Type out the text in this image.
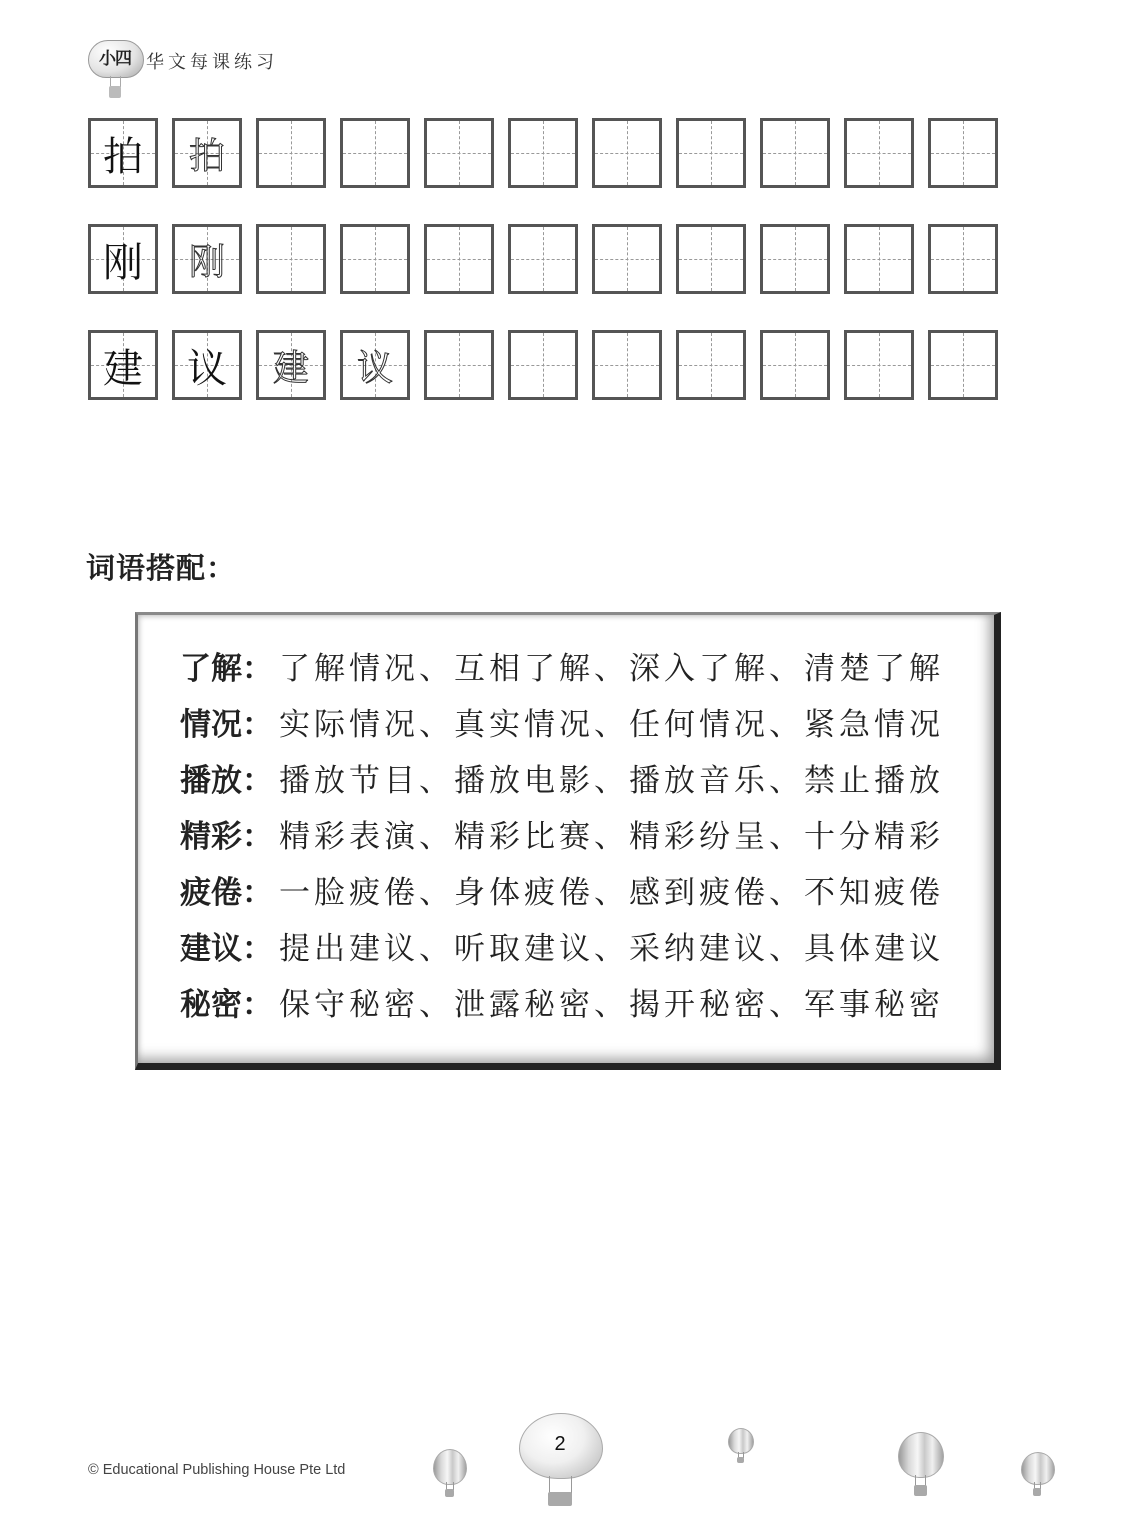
小四 华文每课练习
拍	拍
刚	刚
建	议	建	议
词语搭配：
了解： 了解情况、互相了解、深入了解、清楚了解
情况： 实际情况、真实情况、任何情况、紧急情况
播放： 播放节目、播放电影、播放音乐、禁止播放
精彩： 精彩表演、精彩比赛、精彩纷呈、十分精彩
疲倦： 一脸疲倦、身体疲倦、感到疲倦、不知疲倦
建议： 提出建议、听取建议、采纳建议、具体建议
秘密： 保守秘密、泄露秘密、揭开秘密、军事秘密
© Educational Publishing House Pte Ltd
2
